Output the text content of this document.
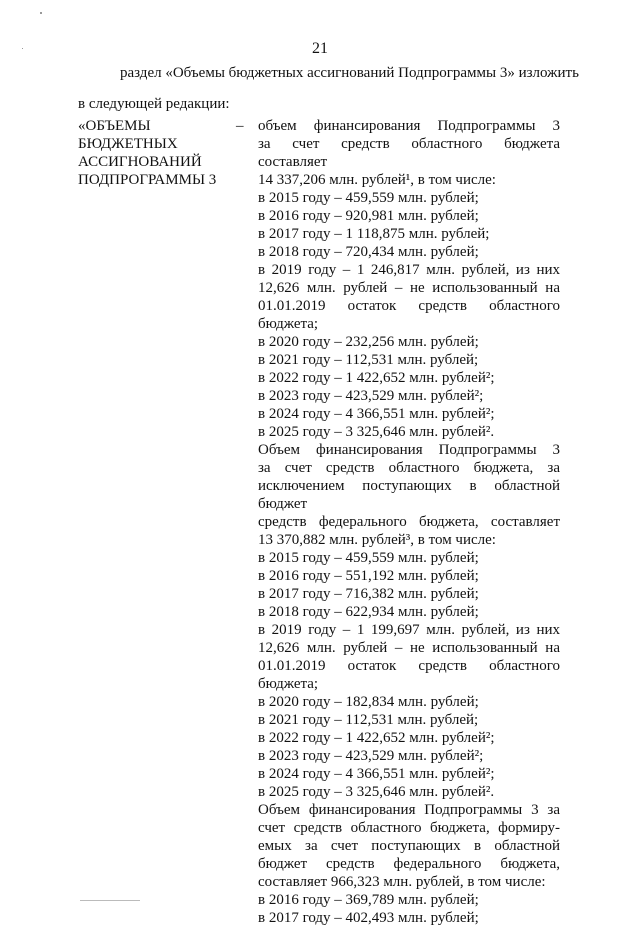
21
раздел «Объемы бюджетных ассигнований Подпрограммы 3» изложить
в следующей редакции:
«ОБЪЕМЫ
БЮДЖЕТНЫХ
АССИГНОВАНИЙ
ПОДПРОГРАММЫ 3
– объем финансирования Подпрограммы 3
за счет средств областного бюджета составляет
14 337,206 млн. рублей¹, в том числе:
в 2015 году – 459,559 млн. рублей;
в 2016 году – 920,981 млн. рублей;
в 2017 году – 1 118,875 млн. рублей;
в 2018 году – 720,434 млн. рублей;
в 2019 году – 1 246,817 млн. рублей, из них
12,626 млн. рублей – не использованный на
01.01.2019 остаток средств областного
бюджета;
в 2020 году – 232,256 млн. рублей;
в 2021 году – 112,531 млн. рублей;
в 2022 году – 1 422,652 млн. рублей²;
в 2023 году – 423,529 млн. рублей²;
в 2024 году – 4 366,551 млн. рублей²;
в 2025 году – 3 325,646 млн. рублей².
Объем финансирования Подпрограммы 3
за счет средств областного бюджета, за
исключением поступающих в областной бюджет
средств федерального бюджета, составляет
13 370,882 млн. рублей³, в том числе:
в 2015 году – 459,559 млн. рублей;
в 2016 году – 551,192 млн. рублей;
в 2017 году – 716,382 млн. рублей;
в 2018 году – 622,934 млн. рублей;
в 2019 году – 1 199,697 млн. рублей, из них
12,626 млн. рублей – не использованный на
01.01.2019 остаток средств областного
бюджета;
в 2020 году – 182,834 млн. рублей;
в 2021 году – 112,531 млн. рублей;
в 2022 году – 1 422,652 млн. рублей²;
в 2023 году – 423,529 млн. рублей²;
в 2024 году – 4 366,551 млн. рублей²;
в 2025 году – 3 325,646 млн. рублей².
Объем финансирования Подпрограммы 3 за
счет средств областного бюджета, формиру-
емых за счет поступающих в областной
бюджет средств федерального бюджета,
составляет 966,323 млн. рублей, в том числе:
в 2016 году – 369,789 млн. рублей;
в 2017 году – 402,493 млн. рублей;
